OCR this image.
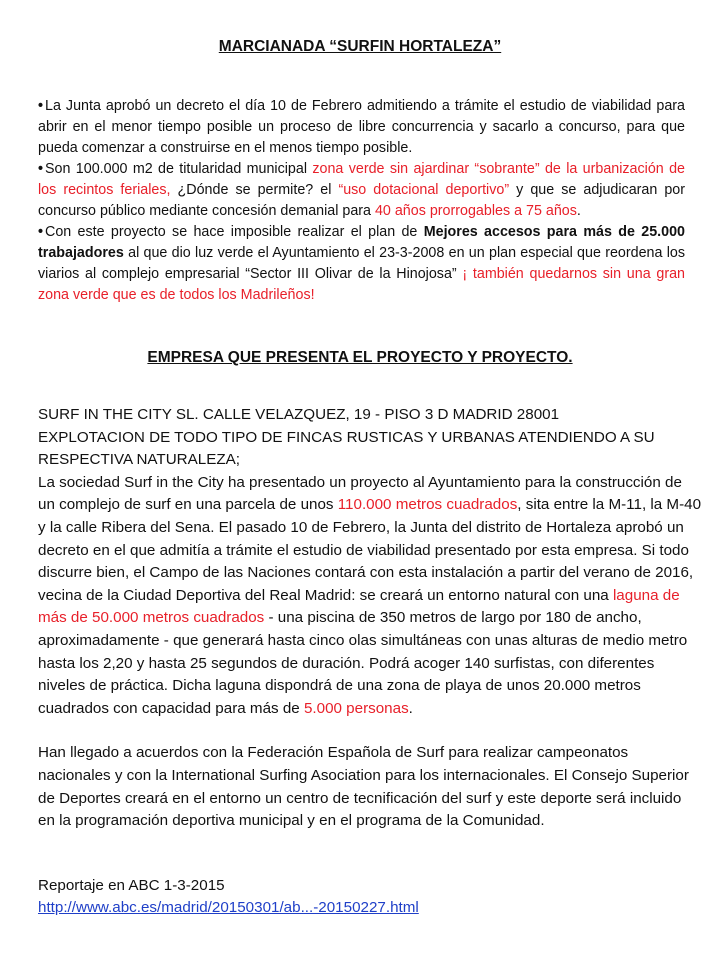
MARCIANADA “SURFIN HORTALEZA”

• La Junta aprobó un decreto el día 10 de Febrero admitiendo a trámite el estudio de viabilidad para abrir en el menor tiempo posible un proceso de libre concurrencia y sacarlo a concurso, para que pueda comenzar a construirse en el menos tiempo posible.

• Son 100.000 m2 de titularidad municipal zona verde sin ajardinar “sobrante” de la urbanización de los recintos feriales, ¿Dónde se permite? el “uso dotacional deportivo” y que se adjudicaran por concurso público mediante concesión demanial para 40 años prorrogables a 75 años.

• Con este proyecto se hace imposible realizar el plan de Mejores accesos para más de 25.000 trabajadores al que dio luz verde el Ayuntamiento el 23-3-2008 en un plan especial que reordena los viarios al complejo empresarial “Sector III Olivar de la Hinojosa” ¡ también quedarnos sin una gran zona verde que es de todos los Madrileños!

EMPRESA QUE PRESENTA EL PROYECTO Y PROYECTO.

SURF IN THE CITY SL. CALLE VELAZQUEZ, 19 - PISO 3 D MADRID 28001

EXPLOTACION DE TODO TIPO DE FINCAS RUSTICAS Y URBANAS ATENDIENDO A SU RESPECTIVA NATURALEZA;

La sociedad Surf in the City ha presentado un proyecto al Ayuntamiento para la construcción de un complejo de surf en una parcela de unos 110.000 metros cuadrados, sita entre la M-11, la M-40 y la calle Ribera del Sena. El pasado 10 de Febrero, la Junta del distrito de Hortaleza aprobó un decreto en el que admitía a trámite el estudio de viabilidad presentado por esta empresa. Si todo discurre bien, el Campo de las Naciones contará con esta instalación a partir del verano de 2016, vecina de la Ciudad Deportiva del Real Madrid: se creará un entorno natural con una laguna de más de 50.000 metros cuadrados - una piscina de 350 metros de largo por 180 de ancho, aproximadamente - que generará hasta cinco olas simultáneas con unas alturas de medio metro hasta los 2,20 y hasta 25 segundos de duración. Podrá acoger 140 surfistas, con diferentes niveles de práctica. Dicha laguna dispondrá de una zona de playa de unos 20.000 metros cuadrados con capacidad para más de 5.000 personas.

Han llegado a acuerdos con la Federación Española de Surf para realizar campeonatos nacionales y con la International Surfing Asociation para los internacionales. El Consejo Superior de Deportes creará en el entorno un centro de tecnificación del surf y este deporte será incluido en la programación deportiva municipal y en el programa de la Comunidad.

Reportaje en ABC 1-3-2015

http://www.abc.es/madrid/20150301/ab...-20150227.html
